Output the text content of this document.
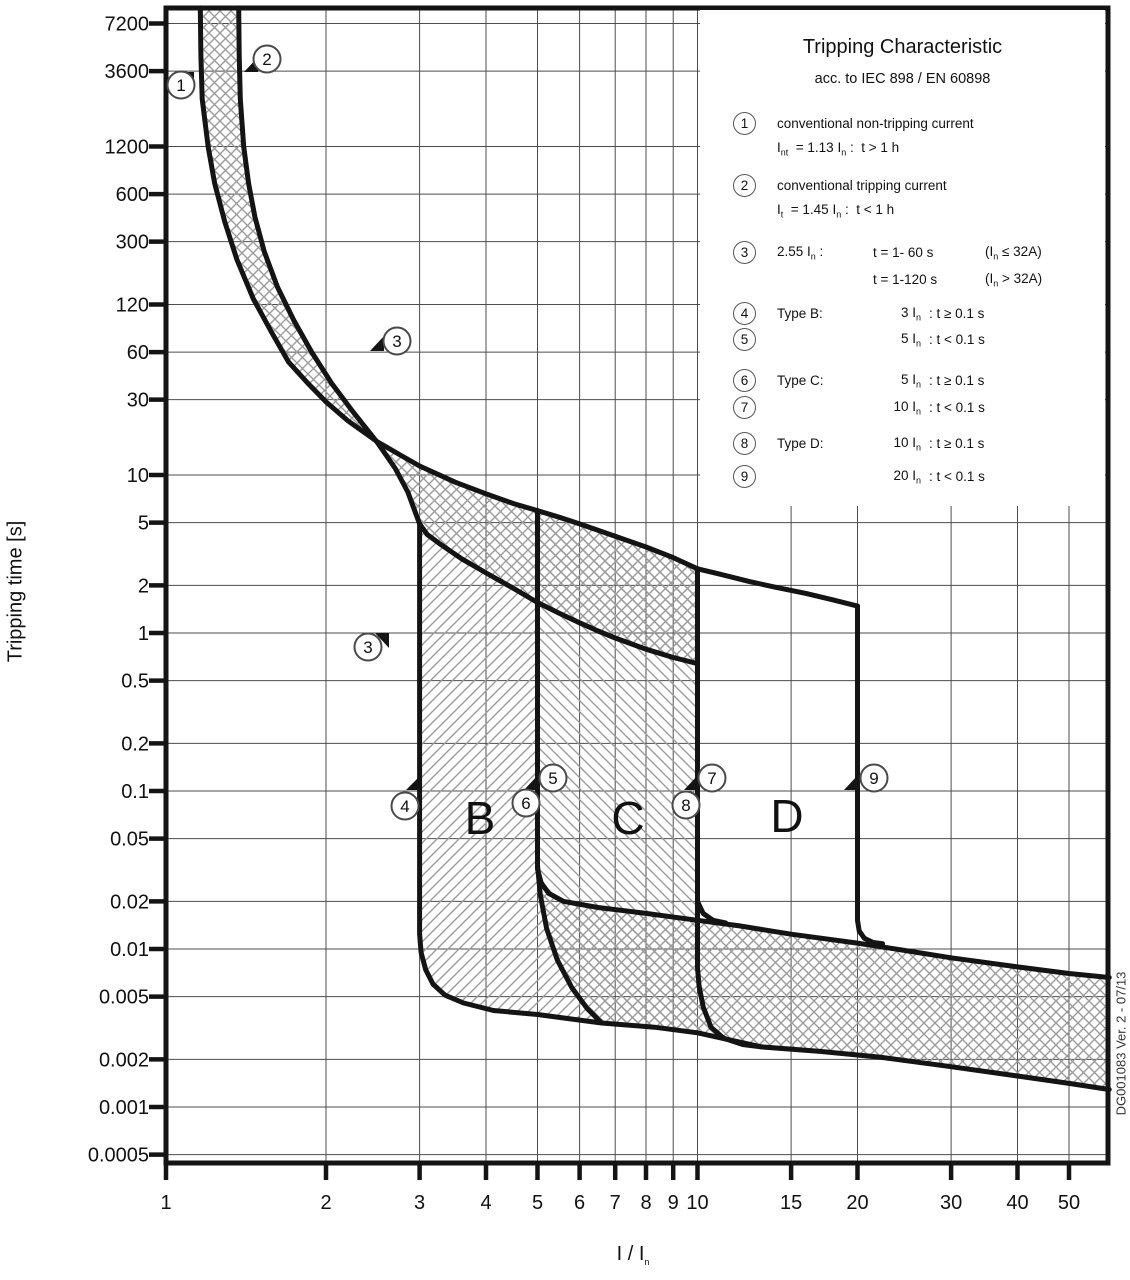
1	2	3	4 5 6 7 8 9 10	15 20	30 40 50
7200
3600
1200
600
300
120
60
30
10
5
2
1
0.5
0.2
0.1
0.05
0.02
0.01
0.005
0.002
0.001
0.0005
1
2
3
3
4
5
6
7
8
9
B	C	D
Tripping Characteristic
acc. to IEC 898 / EN 60898
1	conventional non-tripping current
$I_{nt} = 1.13$ $I_n$ :  t > 1 h
2	conventional tripping current
$I_t = 1.45$ $I_n$ :  t < 1 h
3	2.55 $I_n$ :	t = 1- 60 s	$(I_n \le 32A)$
t = 1-120 s	$(I_n > 32A)$
4	Type B:	3 $I_n$ : t ≥ 0.1 s
5	5 $I_n$ : t < 0.1 s
6	Type C:	5 $I_n$ : t ≥ 0.1 s
7	10 $I_n$ : t < 0.1 s
8	Type D:	10 $I_n$ : t ≥ 0.1 s
9	20 $I_n$ : t < 0.1 s
Tripping time [s]
I / $I_n$
DG001083 Ver. 2 - 07/13
